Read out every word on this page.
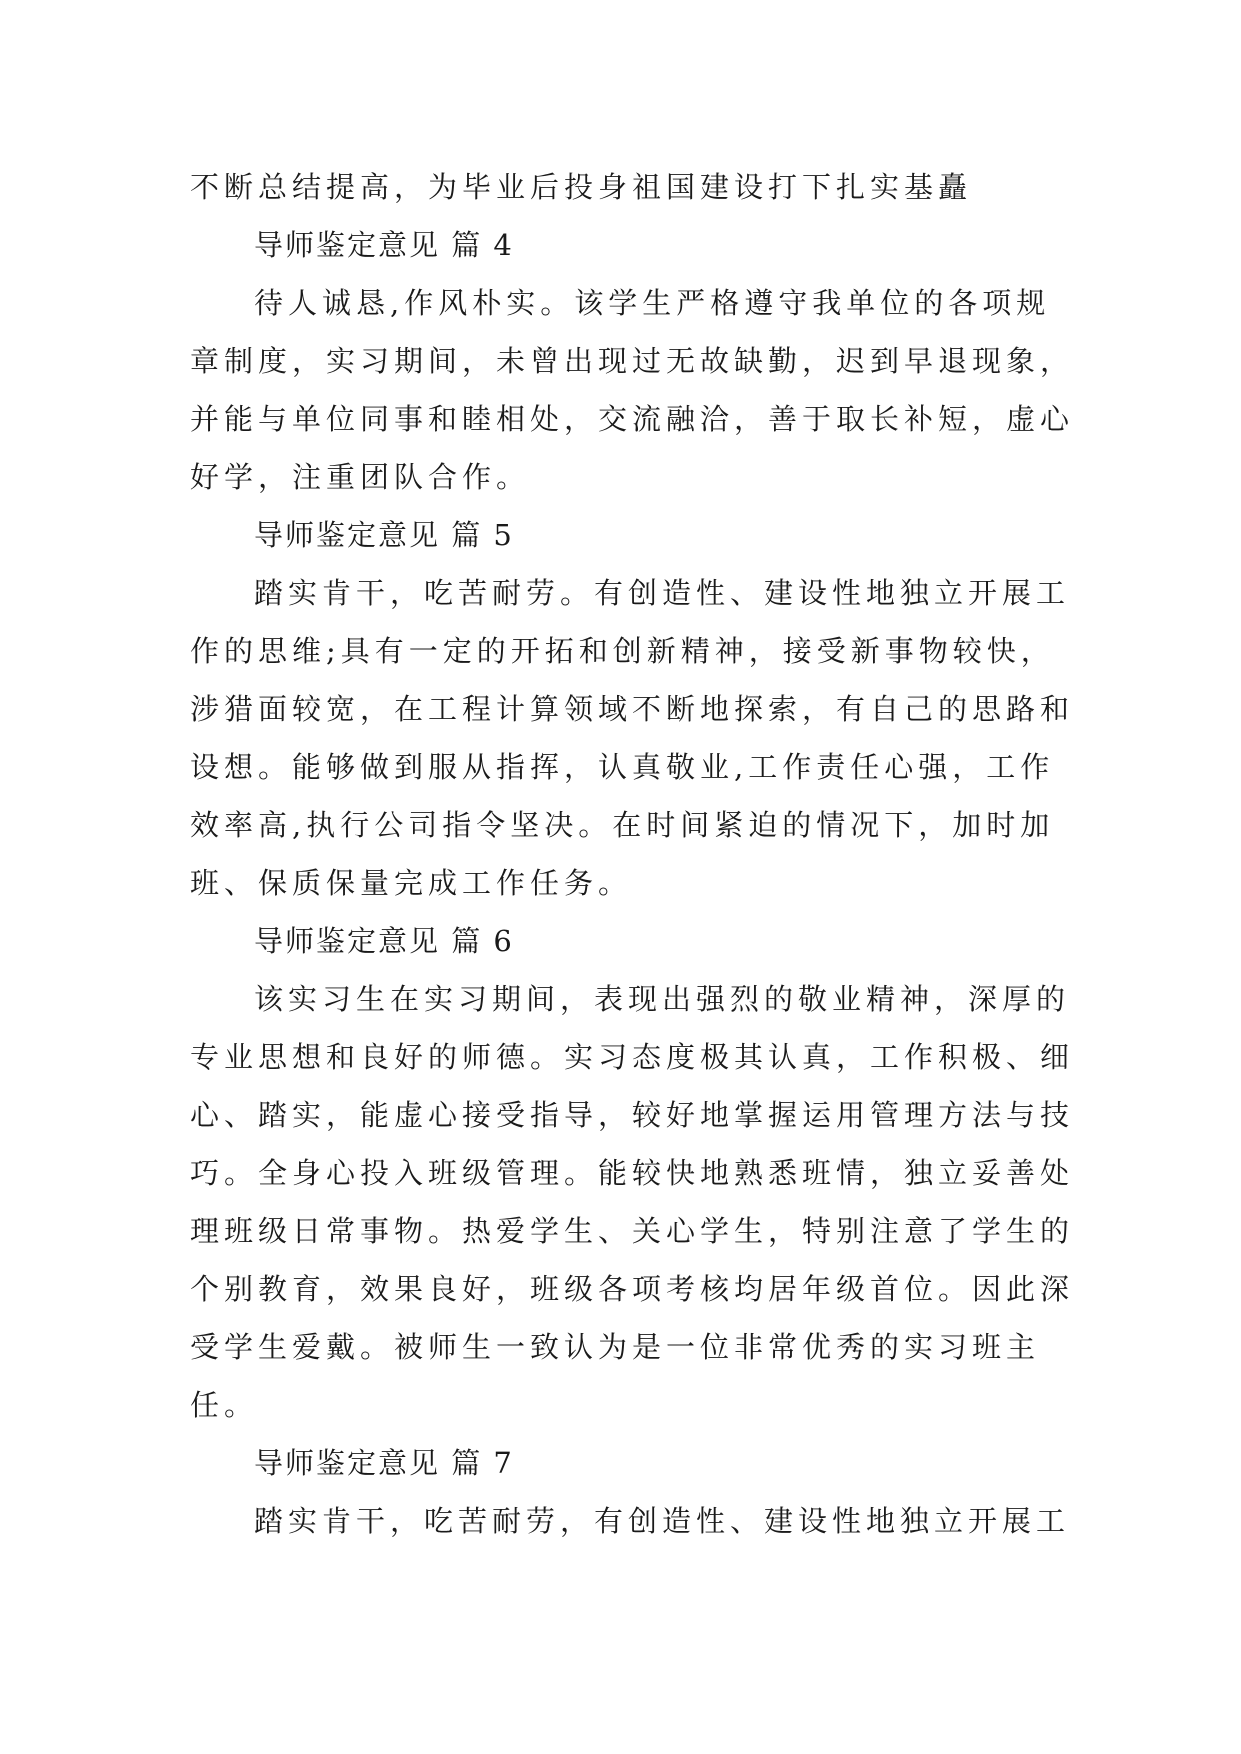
不断总结提高，为毕业后投身祖国建设打下扎实基矗
导师鉴定意见 篇 4
待人诚恳,作风朴实。该学生严格遵守我单位的各项规
章制度，实习期间，未曾出现过无故缺勤，迟到早退现象，
并能与单位同事和睦相处，交流融洽，善于取长补短，虚心
好学，注重团队合作。
导师鉴定意见 篇 5
踏实肯干，吃苦耐劳。有创造性、建设性地独立开展工
作的思维;具有一定的开拓和创新精神，接受新事物较快，
涉猎面较宽，在工程计算领域不断地探索，有自己的思路和
设想。能够做到服从指挥，认真敬业,工作责任心强，工作
效率高,执行公司指令坚决。在时间紧迫的情况下，加时加
班、保质保量完成工作任务。
导师鉴定意见 篇 6
该实习生在实习期间，表现出强烈的敬业精神，深厚的
专业思想和良好的师德。实习态度极其认真，工作积极、细
心、踏实，能虚心接受指导，较好地掌握运用管理方法与技
巧。全身心投入班级管理。能较快地熟悉班情，独立妥善处
理班级日常事物。热爱学生、关心学生，特别注意了学生的
个别教育，效果良好，班级各项考核均居年级首位。因此深
受学生爱戴。被师生一致认为是一位非常优秀的实习班主
任。
导师鉴定意见 篇 7
踏实肯干，吃苦耐劳，有创造性、建设性地独立开展工
